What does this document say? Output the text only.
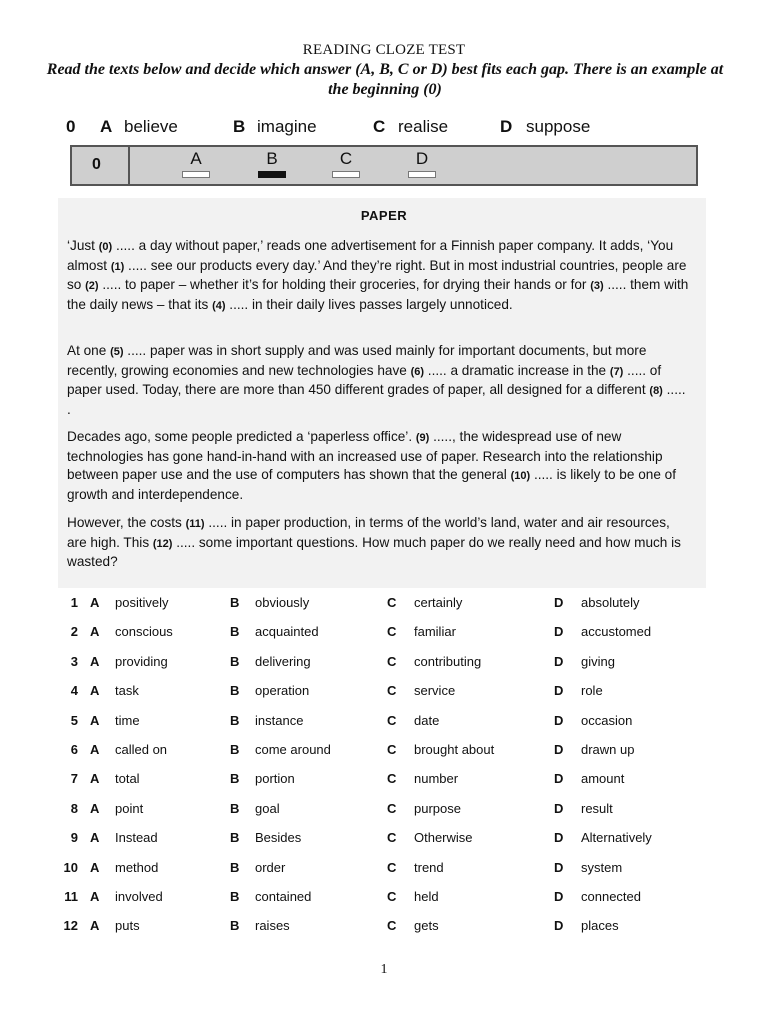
READING CLOZE TEST
Read the texts below and decide which answer (A, B, C or D) best fits each gap. There is an example at the beginning (0)
0 A believe	B imagine	C realise	D suppose
0	A	B	C	D
PAPER
‘Just (0) ..... a day without paper,’ reads one advertisement for a Finnish paper company. It adds, ‘You almost (1) ..... see our products every day.’ And they’re right. But in most industrial countries, people are so (2) ..... to paper – whether it’s for holding their groceries, for drying their hands or for (3) ..... them with the daily news – that its (4) ..... in their daily lives passes largely unnoticed.
At one (5) ..... paper was in short supply and was used mainly for important documents, but more recently, growing economies and new technologies have (6) ..... a dramatic increase in the (7) ..... of paper used. Today, there are more than 450 different grades of paper, all designed for a different (8) ..... .
Decades ago, some people predicted a ‘paperless office’. (9) ....., the widespread use of new technologies has gone hand-in-hand with an increased use of paper. Research into the relationship between paper use and the use of computers has shown that the general (10) ..... is likely to be one of growth and interdependence.
However, the costs (11) ..... in paper production, in terms of the world’s land, water and air resources, are high. This (12) ..... some important questions. How much paper do we really need and how much is wasted?
1 A positively	B obviously	C certainly	D absolutely
2 A conscious	B acquainted	C familiar	D accustomed
3 A providing	B delivering	C contributing	D giving
4 A task	B operation	C service	D role
5 A time	B instance	C date	D occasion
6 A called on	B come around	C brought about	D drawn up
7 A total	B portion	C number	D amount
8 A point	B goal	C purpose	D result
9 A Instead	B Besides	C Otherwise	D Alternatively
10 A method	B order	C trend	D system
11 A involved	B contained	C held	D connected
12 A puts	B raises	C gets	D places
1
